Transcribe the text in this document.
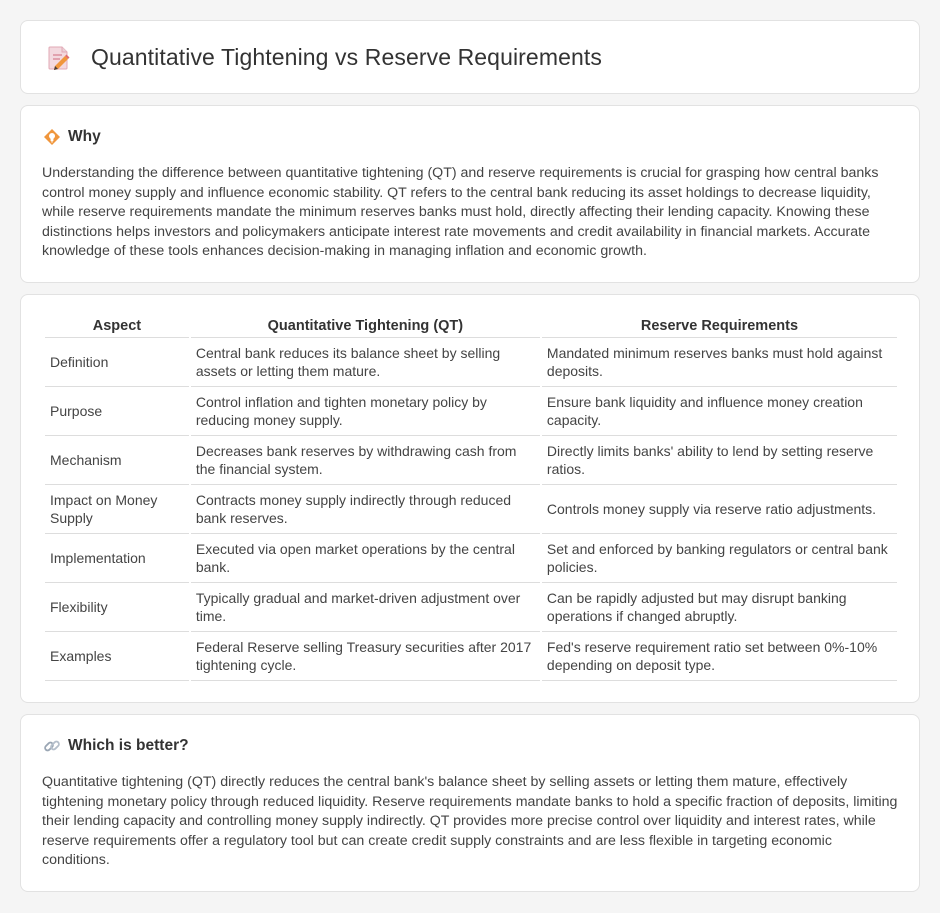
Quantitative Tightening vs Reserve Requirements
Why

Understanding the difference between quantitative tightening (QT) and reserve requirements is crucial for grasping how central banks control money supply and influence economic stability. QT refers to the central bank reducing its asset holdings to decrease liquidity, while reserve requirements mandate the minimum reserves banks must hold, directly affecting their lending capacity. Knowing these distinctions helps investors and policymakers anticipate interest rate movements and credit availability in financial markets. Accurate knowledge of these tools enhances decision-making in managing inflation and economic growth.

Aspect	Quantitative Tightening (QT)	Reserve Requirements
Definition	Central bank reduces its balance sheet by selling assets or letting them mature.	Mandated minimum reserves banks must hold against deposits.
Purpose	Control inflation and tighten monetary policy by reducing money supply.	Ensure bank liquidity and influence money creation capacity.
Mechanism	Decreases bank reserves by withdrawing cash from the financial system.	Directly limits banks' ability to lend by setting reserve ratios.
Impact on Money Supply	Contracts money supply indirectly through reduced bank reserves.	Controls money supply via reserve ratio adjustments.
Implementation	Executed via open market operations by the central bank.	Set and enforced by banking regulators or central bank policies.
Flexibility	Typically gradual and market-driven adjustment over time.	Can be rapidly adjusted but may disrupt banking operations if changed abruptly.
Examples	Federal Reserve selling Treasury securities after 2017 tightening cycle.	Fed's reserve requirement ratio set between 0%-10% depending on deposit type.
Which is better?

Quantitative tightening (QT) directly reduces the central bank's balance sheet by selling assets or letting them mature, effectively tightening monetary policy through reduced liquidity. Reserve requirements mandate banks to hold a specific fraction of deposits, limiting their lending capacity and controlling money supply indirectly. QT provides more precise control over liquidity and interest rates, while reserve requirements offer a regulatory tool but can create credit supply constraints and are less flexible in targeting economic conditions.
